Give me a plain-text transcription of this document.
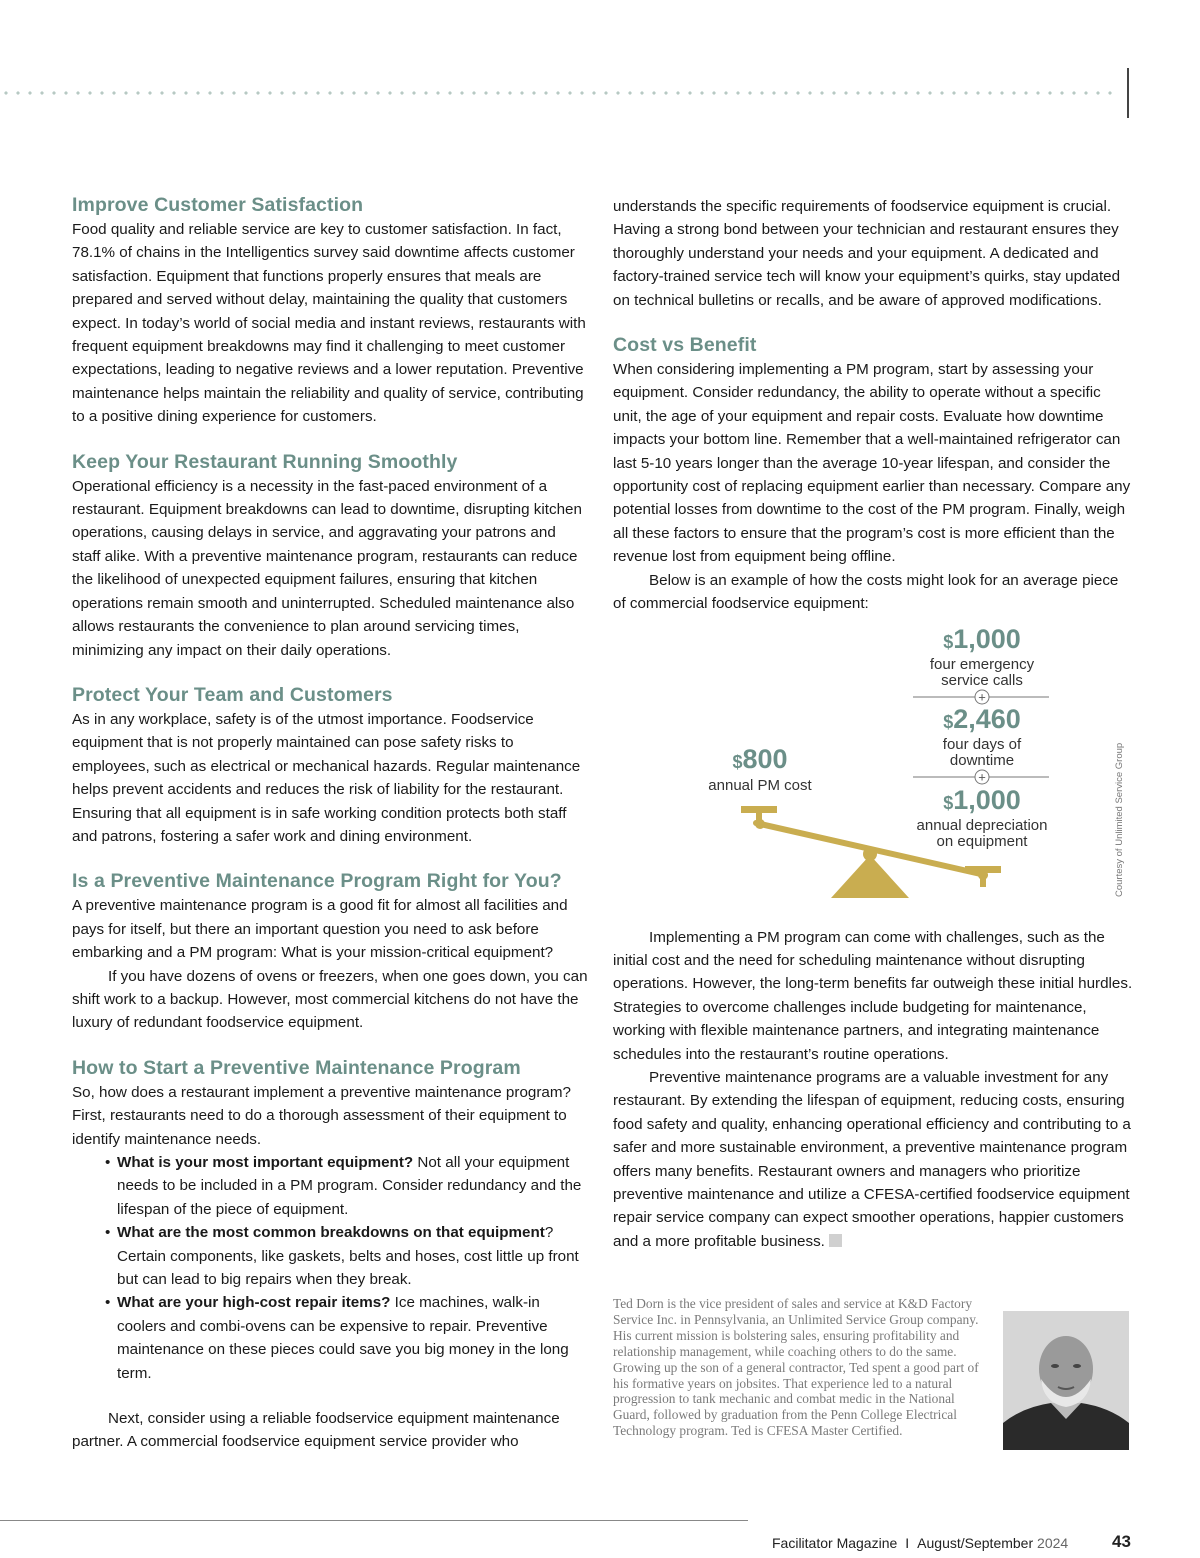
Improve Customer Satisfaction

Food quality and reliable service are key to customer satisfaction. In fact, 78.1% of chains in the Intelligentics survey said downtime affects customer satisfaction. Equipment that functions properly ensures that meals are prepared and served without delay, maintaining the quality that customers expect. In today’s world of social media and instant reviews, restaurants with frequent equipment breakdowns may find it challenging to meet customer expectations, leading to negative reviews and a lower reputation. Preventive maintenance helps maintain the reliability and quality of service, contributing to a positive dining experience for customers.

Keep Your Restaurant Running Smoothly

Operational efficiency is a necessity in the fast-paced environment of a restaurant. Equipment breakdowns can lead to downtime, disrupting kitchen operations, causing delays in service, and aggravating your patrons and staff alike. With a preventive maintenance program, restaurants can reduce the likelihood of unexpected equipment failures, ensuring that kitchen operations remain smooth and uninterrupted. Scheduled maintenance also allows restaurants the convenience to plan around servicing times, minimizing any impact on their daily operations.

Protect Your Team and Customers

As in any workplace, safety is of the utmost importance. Foodservice equipment that is not properly maintained can pose safety risks to employees, such as electrical or mechanical hazards. Regular maintenance helps prevent accidents and reduces the risk of liability for the restaurant. Ensuring that all equipment is in safe working condition protects both staff and patrons, fostering a safer work and dining environment.

Is a Preventive Maintenance Program Right for You?

A preventive maintenance program is a good fit for almost all facilities and pays for itself, but there an important question you need to ask before embarking and a PM program: What is your mission-critical equipment?

If you have dozens of ovens or freezers, when one goes down, you can shift work to a backup. However, most commercial kitchens do not have the luxury of redundant foodservice equipment.

How to Start a Preventive Maintenance Program

So, how does a restaurant implement a preventive maintenance program? First, restaurants need to do a thorough assessment of their equipment to identify maintenance needs.

• What is your most important equipment? Not all your equipment needs to be included in a PM program. Consider redundancy and the lifespan of the piece of equipment.

• What are the most common breakdowns on that equipment? Certain components, like gaskets, belts and hoses, cost little up front but can lead to big repairs when they break.

• What are your high-cost repair items? Ice machines, walk-in coolers and combi-ovens can be expensive to repair. Preventive maintenance on these pieces could save you big money in the long term.

Next, consider using a reliable foodservice equipment maintenance partner. A commercial foodservice equipment service provider who

understands the specific requirements of foodservice equipment is crucial. Having a strong bond between your technician and restaurant ensures they thoroughly understand your needs and your equipment. A dedicated and factory-trained service tech will know your equipment’s quirks, stay updated on technical bulletins or recalls, and be aware of approved modifications.

Cost vs Benefit

When considering implementing a PM program, start by assessing your equipment. Consider redundancy, the ability to operate without a specific unit, the age of your equipment and repair costs. Evaluate how downtime impacts your bottom line. Remember that a well-maintained refrigerator can last 5-10 years longer than the average 10-year lifespan, and consider the opportunity cost of replacing equipment earlier than necessary. Compare any potential losses from downtime to the cost of the PM program. Finally, weigh all these factors to ensure that the program’s cost is more efficient than the revenue lost from equipment being offline.

Below is an example of how the costs might look for an average piece of commercial foodservice equipment:

Implementing a PM program can come with challenges, such as the initial cost and the need for scheduling maintenance without disrupting operations. However, the long-term benefits far outweigh these initial hurdles. Strategies to overcome challenges include budgeting for maintenance, working with flexible maintenance partners, and integrating maintenance schedules into the restaurant’s routine operations.

Preventive maintenance programs are a valuable investment for any restaurant. By extending the lifespan of equipment, reducing costs, ensuring food safety and quality, enhancing operational efficiency and contributing to a safer and more sustainable environment, a preventive maintenance program offers many benefits. Restaurant owners and managers who prioritize preventive maintenance and utilize a CFESA-certified foodservice equipment repair service company can expect smoother operations, happier customers and a more profitable business.

+
+
$800
annual PM cost
$1,000
four emergency
service calls
$2,460
four days of
downtime
$1,000
annual depreciation
on equipment	Courtesy of Unlimited Service Group
Ted Dorn is the vice president of sales and service at K&D Factory Service Inc. in Pennsylvania, an Unlimited Service Group company. His current mission is bolstering sales, ensuring profitability and relationship management, while coaching others to do the same. Growing up the son of a general contractor, Ted spent a good part of his formative years on jobsites. That experience led to a natural progression to tank mechanic and combat medic in the National Guard, followed by graduation from the Penn College Electrical Technology program. Ted is CFESA Master Certified.
Facilitator Magazine I August/September 2024	43
